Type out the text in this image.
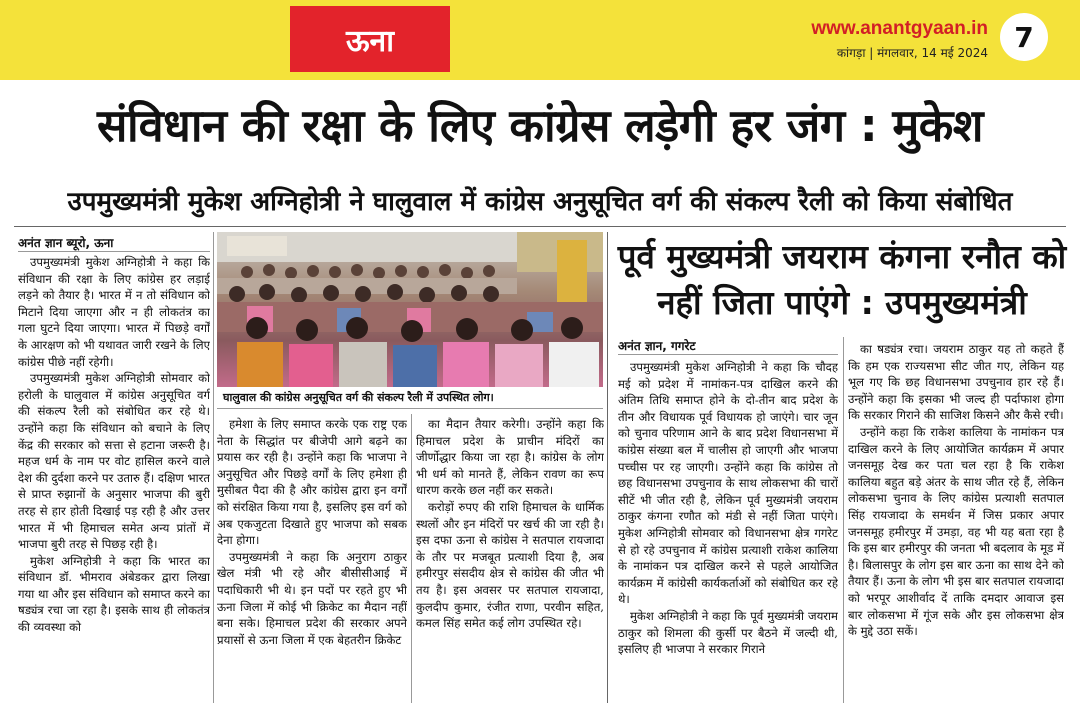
ऊना	www.anantgyaan.in
कांगड़ा | मंगलवार, 14 मई 2024 7
संविधान की रक्षा के लिए कांग्रेस लड़ेगी हर जंग : मुकेश
उपमुख्यमंत्री मुकेश अग्निहोत्री ने घालुवाल में कांग्रेस अनुसूचित वर्ग की संकल्प रैली को किया संबोधित
अनंत ज्ञान ब्यूरो, ऊना

उपमुख्यमंत्री मुकेश अग्निहोत्री ने कहा कि संविधान की रक्षा के लिए कांग्रेस हर लड़ाई लड़ने को तैयार है। भारत में न तो संविधान को मिटाने दिया जाएगा और न ही लोकतंत्र का गला घुटने दिया जाएगा। भारत में पिछड़े वर्गों के आरक्षण को भी यथावत जारी रखने के लिए कांग्रेस पीछे नहीं रहेगी।

उपमुख्यमंत्री मुकेश अग्निहोत्री सोमवार को हरोली के घालुवाल में कांग्रेस अनुसूचित वर्ग की संकल्प रैली को संबोधित कर रहे थे। उन्होंने कहा कि संविधान को बचाने के लिए केंद्र की सरकार को सत्ता से हटाना जरूरी है। महज धर्म के नाम पर वोट हासिल करने वाले देश की दुर्दशा करने पर उतारु हैं। दक्षिण भारत से प्राप्त रुझानों के अनुसार भाजपा की बुरी तरह से हार होती दिखाई पड़ रही है और उत्तर भारत में भी हिमाचल समेत अन्य प्रांतों में भाजपा बुरी तरह से पिछड़ रही है।

मुकेश अग्निहोत्री ने कहा कि भारत का संविधान डॉ. भीमराव अंबेडकर द्वारा लिखा गया था और इस संविधान को समाप्त करने का षड्यंत्र रचा जा रहा है। इसके साथ ही लोकतंत्र की व्यवस्था को

घालुवाल की कांग्रेस अनुसूचित वर्ग की संकल्प रैली में उपस्थित लोग।

हमेशा के लिए समाप्त करके एक राष्ट्र एक नेता के सिद्धांत पर बीजेपी आगे बढ़ने का प्रयास कर रही है। उन्होंने कहा कि भाजपा ने अनुसूचित और पिछड़े वर्गों के लिए हमेशा ही मुसीबत पैदा की है और कांग्रेस द्वारा इन वर्गों को संरक्षित किया गया है, इसलिए इस वर्ग को अब एकजुटता दिखाते हुए भाजपा को सबक देना होगा।

उपमुख्यमंत्री ने कहा कि अनुराग ठाकुर खेल मंत्री भी रहे और बीसीसीआई में पदाधिकारी भी थे। इन पदों पर रहते हुए भी ऊना जिला में कोई भी क्रिकेट का मैदान नहीं बना सके। हिमाचल प्रदेश की सरकार अपने प्रयासों से ऊना जिला में एक बेहतरीन क्रिकेट

का मैदान तैयार करेगी। उन्होंने कहा कि हिमाचल प्रदेश के प्राचीन मंदिरों का जीर्णोद्धार किया जा रहा है। कांग्रेस के लोग भी धर्म को मानते हैं, लेकिन रावण का रूप धारण करके छल नहीं कर सकते।

करोड़ों रुपए की राशि हिमाचल के धार्मिक स्थलों और इन मंदिरों पर खर्च की जा रही है। इस दफा ऊना से कांग्रेस ने सतपाल रायजादा के तौर पर मजबूत प्रत्याशी दिया है, अब हमीरपुर संसदीय क्षेत्र से कांग्रेस की जीत भी तय है। इस अवसर पर सतपाल रायजादा, कुलदीप कुमार, रंजीत राणा, परवीन सहित, कमल सिंह समेत कई लोग उपस्थित रहे।

पूर्व मुख्यमंत्री जयराम कंगना रनौत को नहीं जिता पाएंगे : उपमुख्यमंत्री
अनंत ज्ञान, गगरेट

उपमुख्यमंत्री मुकेश अग्निहोत्री ने कहा कि चौदह मई को प्रदेश में नामांकन-पत्र दाखिल करने की अंतिम तिथि समाप्त होने के दो-तीन बाद प्रदेश के तीन और विधायक पूर्व विधायक हो जाएंगे। चार जून को चुनाव परिणाम आने के बाद प्रदेश विधानसभा में कांग्रेस संख्या बल में चालीस हो जाएगी और भाजपा पच्चीस पर रह जाएगी। उन्होंने कहा कि कांग्रेस तो छह विधानसभा उपचुनाव के साथ लोकसभा की चारों सीटें भी जीत रही है, लेकिन पूर्व मुख्यमंत्री जयराम ठाकुर कंगना रणौत को मंडी से नहीं जिता पाएंगे। मुकेश अग्निहोत्री सोमवार को विधानसभा क्षेत्र गगरेट से हो रहे उपचुनाव में कांग्रेस प्रत्याशी राकेश कालिया के नामांकन पत्र दाखिल करने से पहले आयोजित कार्यक्रम में कांग्रेसी कार्यकर्ताओं को संबोधित कर रहे थे।

मुकेश अग्निहोत्री ने कहा कि पूर्व मुख्यमंत्री जयराम ठाकुर को शिमला की कुर्सी पर बैठने में जल्दी थी, इसलिए ही भाजपा ने सरकार गिराने

का षड्यंत्र रचा। जयराम ठाकुर यह तो कहते हैं कि हम एक राज्यसभा सीट जीत गए, लेकिन यह भूल गए कि छह विधानसभा उपचुनाव हार रहे हैं। उन्होंने कहा कि इसका भी जल्द ही पर्दाफाश होगा कि सरकार गिराने की साजिश किसने और कैसे रची।

उन्होंने कहा कि राकेश कालिया के नामांकन पत्र दाखिल करने के लिए आयोजित कार्यक्रम में अपार जनसमूह देख कर पता चल रहा है कि राकेश कालिया बहुत बड़े अंतर के साथ जीत रहे हैं, लेकिन लोकसभा चुनाव के लिए कांग्रेस प्रत्याशी सतपाल सिंह रायजादा के समर्थन में जिस प्रकार अपार जनसमूह हमीरपुर में उमड़ा, वह भी यह बता रहा है कि इस बार हमीरपुर की जनता भी बदलाव के मूड में है। बिलासपुर के लोग इस बार ऊना का साथ देने को तैयार हैं। ऊना के लोग भी इस बार सतपाल रायजादा को भरपूर आशीर्वाद दें ताकि दमदार आवाज इस बार लोकसभा में गूंज सके और इस लोकसभा क्षेत्र के मुद्दे उठा सकें।
